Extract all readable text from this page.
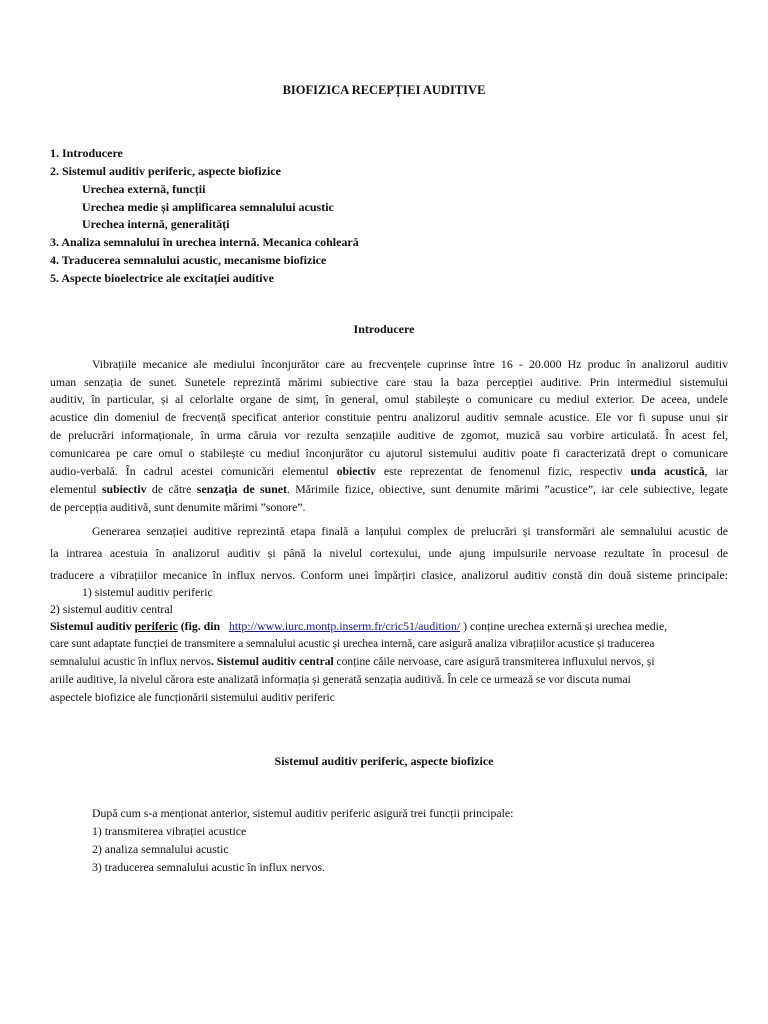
BIOFIZICA RECEPȚIEI AUDITIVE
1. Introducere
2. Sistemul auditiv periferic, aspecte biofizice
Urechea externă, funcții
Urechea medie și amplificarea semnalului acustic
Urechea internă, generalități
3. Analiza semnalului în urechea internă. Mecanica cohleară
4. Traducerea semnalului acustic, mecanisme biofizice
5. Aspecte bioelectrice ale excitației auditive
Introducere
Vibrațiile mecanice ale mediului înconjurător care au frecvențele cuprinse între 16 - 20.000 Hz produc în analizorul auditiv
uman senzația de sunet. Sunetele reprezintă mărimi subiective care stau la baza percepției auditive. Prin intermediul sistemului
auditiv, în particular, și al celorlalte organe de simț, în general, omul stabilește o comunicare cu mediul exterior. De aceea, undele
acustice din domeniul de frecvență specificat anterior constituie pentru analizorul auditiv semnale acustice. Ele vor fi supuse unui șir
de prelucrări informaționale, în urma căruia vor rezulta senzațiile auditive de zgomot, muzică sau vorbire articulată. În acest fel,
comunicarea pe care omul o stabilește cu mediul înconjurător cu ajutorul sistemului auditiv poate fi caracterizată drept o comunicare
audio-verbală. În cadrul acestei comunicări elementul obiectiv este reprezentat de fenomenul fizic, respectiv unda acustică, iar
elementul subiectiv de către senzația de sunet. Mărimile fizice, obiective, sunt denumite mărimi ”acustice”, iar cele subiective, legate
de percepția auditivă, sunt denumite mărimi ”sonore”.
Generarea senzației auditive reprezintă etapa finală a lanțului complex de prelucrări și transformări ale semnalului acustic de
la intrarea acestuia în analizorul auditiv și până la nivelul cortexului, unde ajung impulsurile nervoase rezultate în procesul de
traducere a vibrațiilor mecanice în influx nervos. Conform unei împărțiri clasice, analizorul auditiv constă din două sisteme principale:
1) sistemul auditiv periferic
2) sistemul auditiv central
Sistemul auditiv periferic (fig. din http://www.iurc.montp.inserm.fr/cric51/audition/ ) conține urechea externă și urechea medie,
care sunt adaptate funcției de transmitere a semnalului acustic și urechea internă, care asigură analiza vibrațiilor acustice și traducerea
semnalului acustic în influx nervos. Sistemul auditiv central conține căile nervoase, care asigură transmiterea influxului nervos, și
ariile auditive, la nivelul cărora este analizată informația și generată senzația auditivă. În cele ce urmează se vor discuta numai
aspectele biofizice ale funcționării sistemului auditiv periferic
Sistemul auditiv periferic, aspecte biofizice
După cum s-a menționat anterior, sistemul auditiv periferic asigură trei funcții principale:
1) transmiterea vibrației acustice
2) analiza semnalului acustic
3) traducerea semnalului acustic în influx nervos.
